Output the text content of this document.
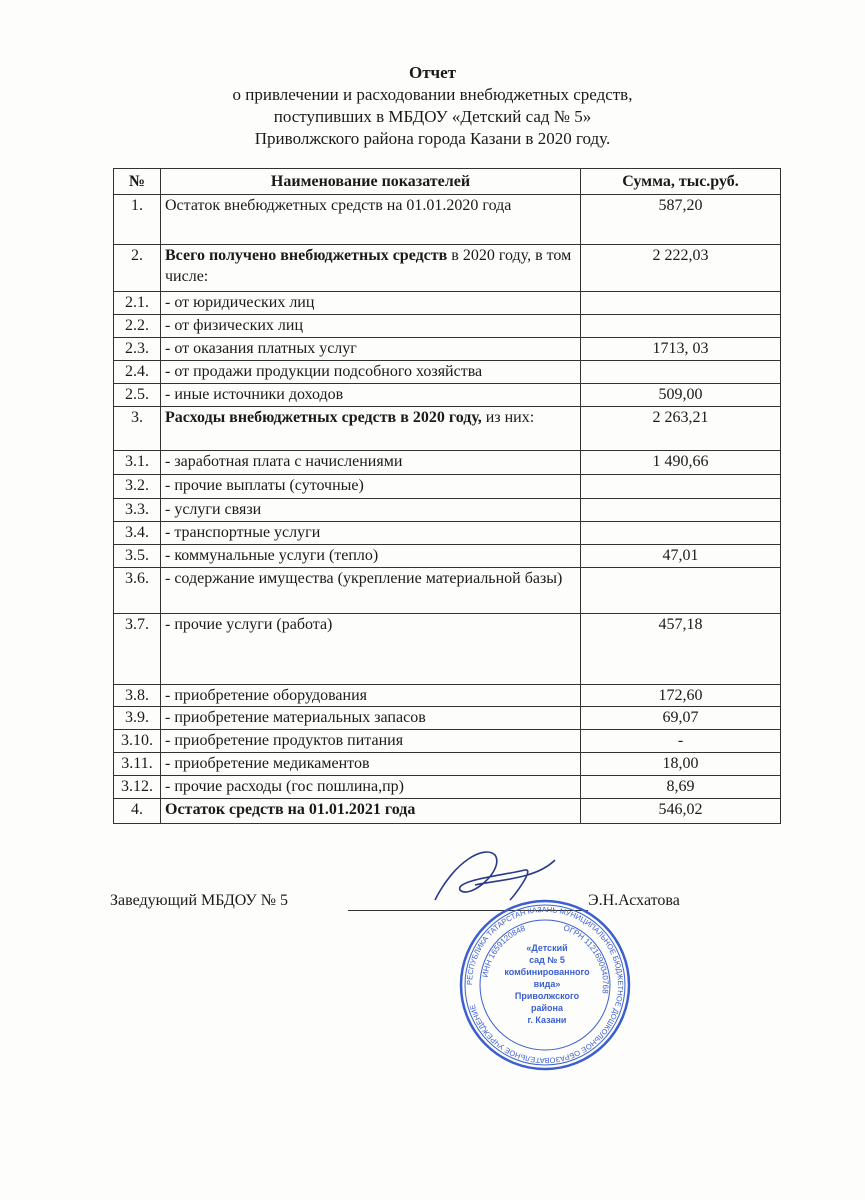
Отчет
о привлечении и расходовании внебюджетных средств,
поступивших в МБДОУ «Детский сад № 5»
Приволжского района города Казани в 2020 году.
№	Наименование показателей	Сумма, тыс.руб.
1.	Остаток внебюджетных средств на 01.01.2020 года	587,20
2.	Всего получено внебюджетных средств в 2020 году, в том числе:	2 222,03
2.1.	- от юридических лиц	
2.2.	- от физических лиц	
2.3.	- от оказания платных услуг	1713, 03
2.4.	- от продажи продукции подсобного хозяйства	
2.5.	- иные источники доходов	509,00
3.	Расходы внебюджетных средств в 2020 году, из них:	2 263,21
3.1.	- заработная плата с начислениями	1 490,66
3.2.	- прочие выплаты (суточные)	
3.3.	- услуги связи	
3.4.	- транспортные услуги	
3.5.	- коммунальные услуги (тепло)	47,01
3.6.	- содержание имущества (укрепление материальной базы)	
3.7.	- прочие услуги (работа)	457,18
3.8.	- приобретение оборудования	172,60
3.9.	- приобретение материальных запасов	69,07
3.10.	- приобретение продуктов питания	-
3.11.	- приобретение медикаментов	18,00
3.12.	- прочие расходы (гос пошлина,пр)	8,69
4.	Остаток средств на 01.01.2021 года	546,02
Заведующий МБДОУ № 5	Э.Н.Асхатова
РЕСПУБЛИКА ТАТАРСТАН КАЗАНЬ МУНИЦИПАЛЬНОЕ БЮДЖЕТНОЕ ДОШКОЛЬНОЕ ОБРАЗОВАТЕЛЬНОЕ УЧРЕЖДЕНИЕ
ОГРН 1121690040768
ИНН 1659120848
«Детский
сад № 5
комбинированного
вида»
Приволжского
района
г. Казани
